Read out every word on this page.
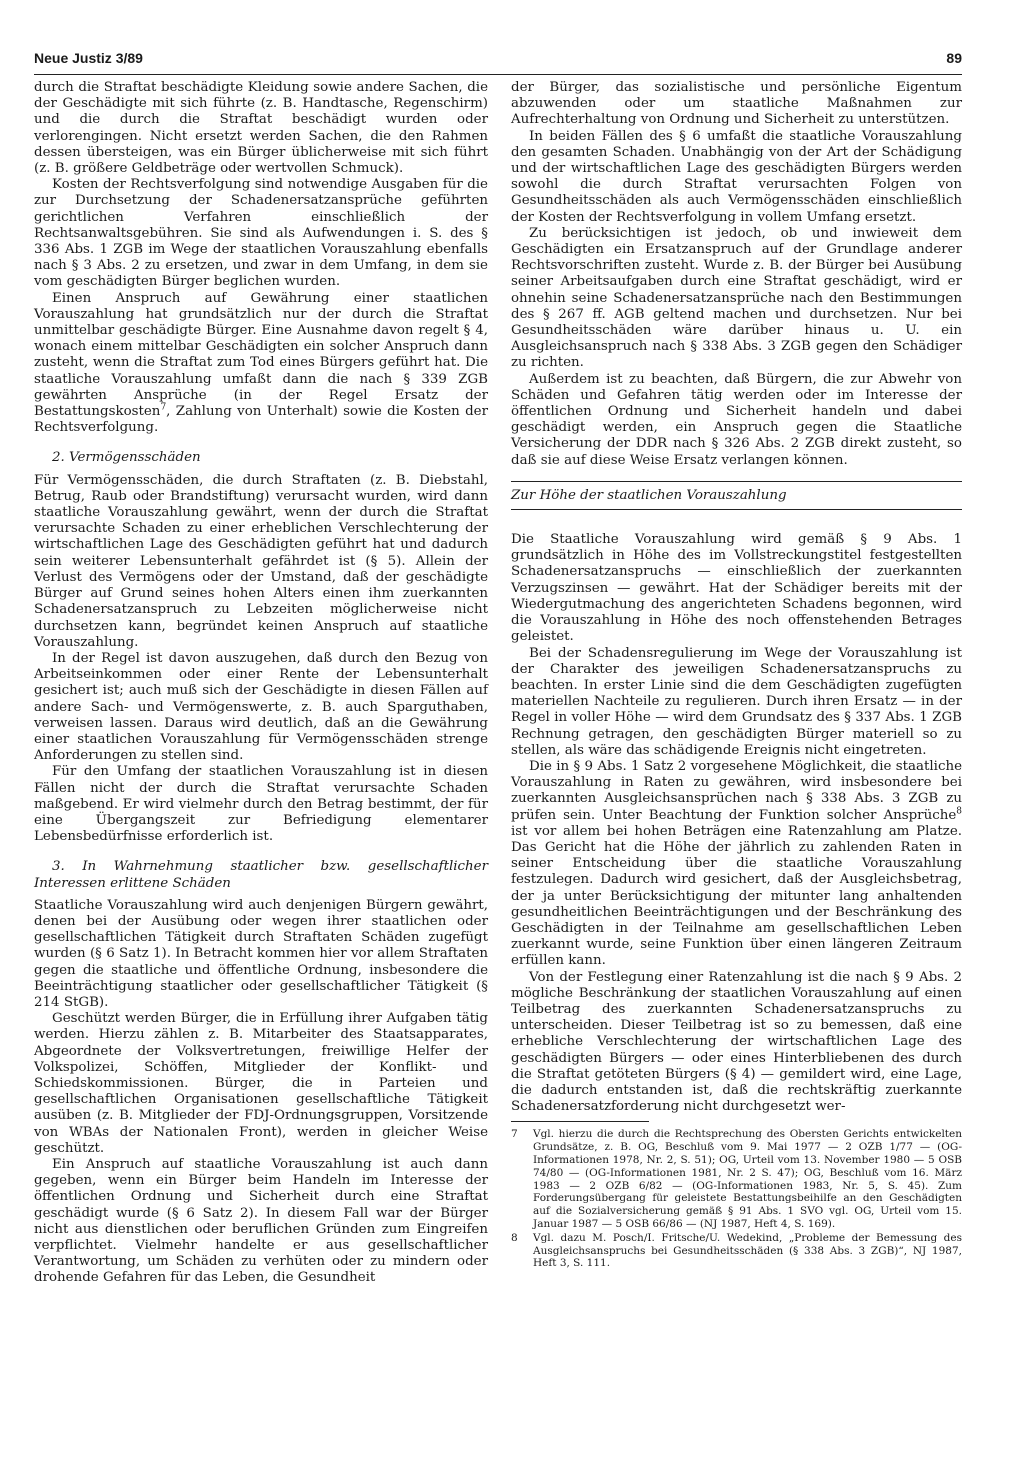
Neue Justiz 3/89	89

durch die Straftat beschädigte Kleidung sowie andere Sachen, die der Geschädigte mit sich führte (z. B. Handtasche, Regenschirm) und die durch die Straftat beschädigt wurden oder verlorengingen. Nicht ersetzt werden Sachen, die den Rahmen dessen übersteigen, was ein Bürger üblicherweise mit sich führt (z. B. größere Geldbeträge oder wertvollen Schmuck).

Kosten der Rechtsverfolgung sind notwendige Ausgaben für die zur Durchsetzung der Schadenersatzansprüche geführten gerichtlichen Verfahren einschließlich der Rechtsanwaltsgebühren. Sie sind als Aufwendungen i. S. des § 336 Abs. 1 ZGB im Wege der staatlichen Vorauszahlung ebenfalls nach § 3 Abs. 2 zu ersetzen, und zwar in dem Umfang, in dem sie vom geschädigten Bürger beglichen wurden.

Einen Anspruch auf Gewährung einer staatlichen Vorauszahlung hat grundsätzlich nur der durch die Straftat unmittelbar geschädigte Bürger. Eine Ausnahme davon regelt § 4, wonach einem mittelbar Geschädigten ein solcher Anspruch dann zusteht, wenn die Straftat zum Tod eines Bürgers geführt hat. Die staatliche Vorauszahlung umfaßt dann die nach § 339 ZGB gewährten Ansprüche (in der Regel Ersatz der Bestattungskosten$^7$, Zahlung von Unterhalt) sowie die Kosten der Rechtsverfolgung.

2. Vermögensschäden

Für Vermögensschäden, die durch Straftaten (z. B. Diebstahl, Betrug, Raub oder Brandstiftung) verursacht wurden, wird dann staatliche Vorauszahlung gewährt, wenn der durch die Straftat verursachte Schaden zu einer erheblichen Verschlechterung der wirtschaftlichen Lage des Geschädigten geführt hat und dadurch sein weiterer Lebensunterhalt gefährdet ist (§ 5). Allein der Verlust des Vermögens oder der Umstand, daß der geschädigte Bürger auf Grund seines hohen Alters einen ihm zuerkannten Schadenersatzanspruch zu Lebzeiten möglicherweise nicht durchsetzen kann, begründet keinen Anspruch auf staatliche Vorauszahlung.

In der Regel ist davon auszugehen, daß durch den Bezug von Arbeitseinkommen oder einer Rente der Lebensunterhalt gesichert ist; auch muß sich der Geschädigte in diesen Fällen auf andere Sach- und Vermögenswerte, z. B. auch Sparguthaben, verweisen lassen. Daraus wird deutlich, daß an die Gewährung einer staatlichen Vorauszahlung für Vermögensschäden strenge Anforderungen zu stellen sind.

Für den Umfang der staatlichen Vorauszahlung ist in diesen Fällen nicht der durch die Straftat verursachte Schaden maßgebend. Er wird vielmehr durch den Betrag bestimmt, der für eine Übergangszeit zur Befriedigung elementarer Lebensbedürfnisse erforderlich ist.

3. In Wahrnehmung staatlicher bzw. gesellschaftlicher Interessen erlittene Schäden

Staatliche Vorauszahlung wird auch denjenigen Bürgern gewährt, denen bei der Ausübung oder wegen ihrer staatlichen oder gesellschaftlichen Tätigkeit durch Straftaten Schäden zugefügt wurden (§ 6 Satz 1). In Betracht kommen hier vor allem Straftaten gegen die staatliche und öffentliche Ordnung, insbesondere die Beeinträchtigung staatlicher oder gesellschaftlicher Tätigkeit (§ 214 StGB).

Geschützt werden Bürger, die in Erfüllung ihrer Aufgaben tätig werden. Hierzu zählen z. B. Mitarbeiter des Staatsapparates, Abgeordnete der Volksvertretungen, freiwillige Helfer der Volkspolizei, Schöffen, Mitglieder der Konflikt- und Schiedskommissionen. Bürger, die in Parteien und gesellschaftlichen Organisationen gesellschaftliche Tätigkeit ausüben (z. B. Mitglieder der FDJ-Ordnungsgruppen, Vorsitzende von WBAs der Nationalen Front), werden in gleicher Weise geschützt.

Ein Anspruch auf staatliche Vorauszahlung ist auch dann gegeben, wenn ein Bürger beim Handeln im Interesse der öffentlichen Ordnung und Sicherheit durch eine Straftat geschädigt wurde (§ 6 Satz 2). In diesem Fall war der Bürger nicht aus dienstlichen oder beruflichen Gründen zum Eingreifen verpflichtet. Vielmehr handelte er aus gesellschaftlicher Verantwortung, um Schäden zu verhüten oder zu mindern oder drohende Gefahren für das Leben, die Gesundheit

der Bürger, das sozialistische und persönliche Eigentum abzuwenden oder um staatliche Maßnahmen zur Aufrechterhaltung von Ordnung und Sicherheit zu unterstützen.

In beiden Fällen des § 6 umfaßt die staatliche Vorauszahlung den gesamten Schaden. Unabhängig von der Art der Schädigung und der wirtschaftlichen Lage des geschädigten Bürgers werden sowohl die durch Straftat verursachten Folgen von Gesundheitsschäden als auch Vermögensschäden einschließlich der Kosten der Rechtsverfolgung in vollem Umfang ersetzt.

Zu berücksichtigen ist jedoch, ob und inwieweit dem Geschädigten ein Ersatzanspruch auf der Grundlage anderer Rechtsvorschriften zusteht. Wurde z. B. der Bürger bei Ausübung seiner Arbeitsaufgaben durch eine Straftat geschädigt, wird er ohnehin seine Schadenersatzansprüche nach den Bestimmungen des § 267 ff. AGB geltend machen und durchsetzen. Nur bei Gesundheitsschäden wäre darüber hinaus u. U. ein Ausgleichsanspruch nach § 338 Abs. 3 ZGB gegen den Schädiger zu richten.

Außerdem ist zu beachten, daß Bürgern, die zur Abwehr von Schäden und Gefahren tätig werden oder im Interesse der öffentlichen Ordnung und Sicherheit handeln und dabei geschädigt werden, ein Anspruch gegen die Staatliche Versicherung der DDR nach § 326 Abs. 2 ZGB direkt zusteht, so daß sie auf diese Weise Ersatz verlangen können.

Zur Höhe der staatlichen Vorauszahlung

Die Staatliche Vorauszahlung wird gemäß § 9 Abs. 1 grundsätzlich in Höhe des im Vollstreckungstitel festgestellten Schadenersatzanspruchs — einschließlich der zuerkannten Verzugszinsen — gewährt. Hat der Schädiger bereits mit der Wiedergutmachung des angerichteten Schadens begonnen, wird die Vorauszahlung in Höhe des noch offenstehenden Betrages geleistet.

Bei der Schadensregulierung im Wege der Vorauszahlung ist der Charakter des jeweiligen Schadenersatzanspruchs zu beachten. In erster Linie sind die dem Geschädigten zugefügten materiellen Nachteile zu regulieren. Durch ihren Ersatz — in der Regel in voller Höhe — wird dem Grundsatz des § 337 Abs. 1 ZGB Rechnung getragen, den geschädigten Bürger materiell so zu stellen, als wäre das schädigende Ereignis nicht eingetreten.

Die in § 9 Abs. 1 Satz 2 vorgesehene Möglichkeit, die staatliche Vorauszahlung in Raten zu gewähren, wird insbesondere bei zuerkannten Ausgleichsansprüchen nach § 338 Abs. 3 ZGB zu prüfen sein. Unter Beachtung der Funktion solcher Ansprüche$^8$ ist vor allem bei hohen Beträgen eine Ratenzahlung am Platze. Das Gericht hat die Höhe der jährlich zu zahlenden Raten in seiner Entscheidung über die staatliche Vorauszahlung festzulegen. Dadurch wird gesichert, daß der Ausgleichsbetrag, der ja unter Berücksichtigung der mitunter lang anhaltenden gesundheitlichen Beeinträchtigungen und der Beschränkung des Geschädigten in der Teilnahme am gesellschaftlichen Leben zuerkannt wurde, seine Funktion über einen längeren Zeitraum erfüllen kann.

Von der Festlegung einer Ratenzahlung ist die nach § 9 Abs. 2 mögliche Beschränkung der staatlichen Vorauszahlung auf einen Teilbetrag des zuerkannten Schadenersatzanspruchs zu unterscheiden. Dieser Teilbetrag ist so zu bemessen, daß eine erhebliche Verschlechterung der wirtschaftlichen Lage des geschädigten Bürgers — oder eines Hinterbliebenen des durch die Straftat getöteten Bürgers (§ 4) — gemildert wird, eine Lage, die dadurch entstanden ist, daß die rechtskräftig zuerkannte Schadenersatzforderung nicht durchgesetzt wer-

7	Vgl. hierzu die durch die Rechtsprechung des Obersten Gerichts entwickelten Grundsätze, z. B. OG, Beschluß vom 9. Mai 1977 — 2 OZB 1/77 — (OG-Informationen 1978, Nr. 2, S. 51); OG, Urteil vom 13. November 1980 — 5 OSB 74/80 — (OG-Informationen 1981, Nr. 2 S. 47); OG, Beschluß vom 16. März 1983 — 2 OZB 6/82 — (OG-Informationen 1983, Nr. 5, S. 45). Zum Forderungsübergang für geleistete Bestattungsbeihilfe an den Geschädigten auf die Sozialversicherung gemäß § 91 Abs. 1 SVO vgl. OG, Urteil vom 15. Januar 1987 — 5 OSB 66/86 — (NJ 1987, Heft 4, S. 169).
8	Vgl. dazu M. Posch/I. Fritsche/U. Wedekind, „Probleme der Bemessung des Ausgleichsanspruchs bei Gesundheitsschäden (§ 338 Abs. 3 ZGB)“, NJ 1987, Heft 3, S. 111.
